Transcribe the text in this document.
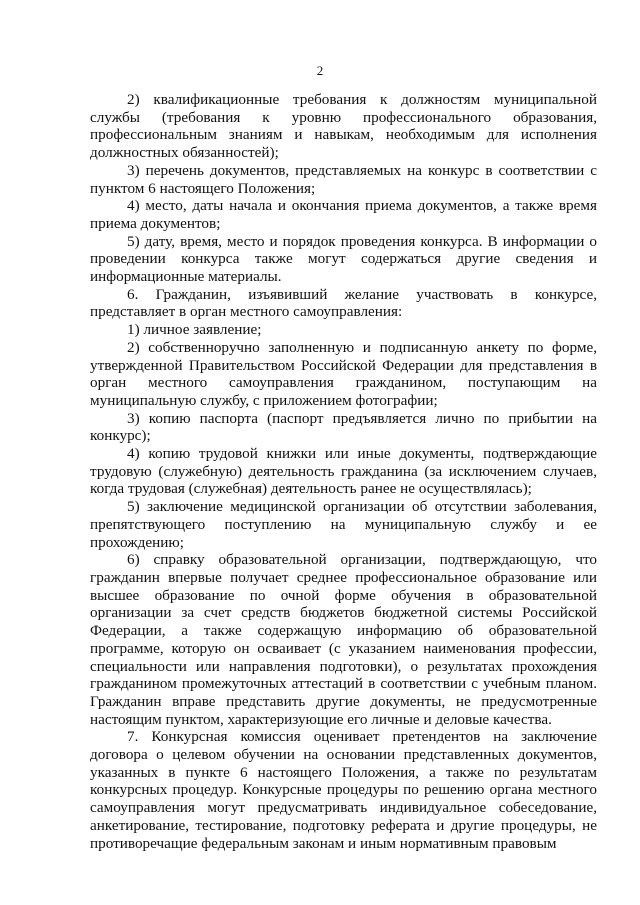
2

2) квалификационные требования к должностям муниципальной службы (требования к уровню профессионального образования, профессиональным знаниям и навыкам, необходимым для исполнения должностных обязанностей);

3) перечень документов, представляемых на конкурс в соответствии с пунктом 6 настоящего Положения;

4) место, даты начала и окончания приема документов, а также время приема документов;

5) дату, время, место и порядок проведения конкурса. В информации о проведении конкурса также могут содержаться другие сведения и информационные материалы.

6. Гражданин, изъявивший желание участвовать в конкурсе, представляет в орган местного самоуправления:

1) личное заявление;

2) собственноручно заполненную и подписанную анкету по форме, утвержденной Правительством Российской Федерации для представления в орган местного самоуправления гражданином, поступающим на муниципальную службу, с приложением фотографии;

3) копию паспорта (паспорт предъявляется лично по прибытии на конкурс);

4) копию трудовой книжки или иные документы, подтверждающие трудовую (служебную) деятельность гражданина (за исключением случаев, когда трудовая (служебная) деятельность ранее не осуществлялась);

5) заключение медицинской организации об отсутствии заболевания, препятствующего поступлению на муниципальную службу и ее прохождению;

6) справку образовательной организации, подтверждающую, что гражданин впервые получает среднее профессиональное образование или высшее образование по очной форме обучения в образовательной организации за счет средств бюджетов бюджетной системы Российской Федерации, а также содержащую информацию об образовательной программе, которую он осваивает (с указанием наименования профессии, специальности или направления подготовки), о результатах прохождения гражданином промежуточных аттестаций в соответствии с учебным планом. Гражданин вправе представить другие документы, не предусмотренные настоящим пунктом, характеризующие его личные и деловые качества.

7. Конкурсная комиссия оценивает претендентов на заключение договора о целевом обучении на основании представленных документов, указанных в пункте 6 настоящего Положения, а также по результатам конкурсных процедур. Конкурсные процедуры по решению органа местного самоуправления могут предусматривать индивидуальное собеседование, анкетирование, тестирование, подготовку реферата и другие процедуры, не противоречащие федеральным законам и иным нормативным правовым
